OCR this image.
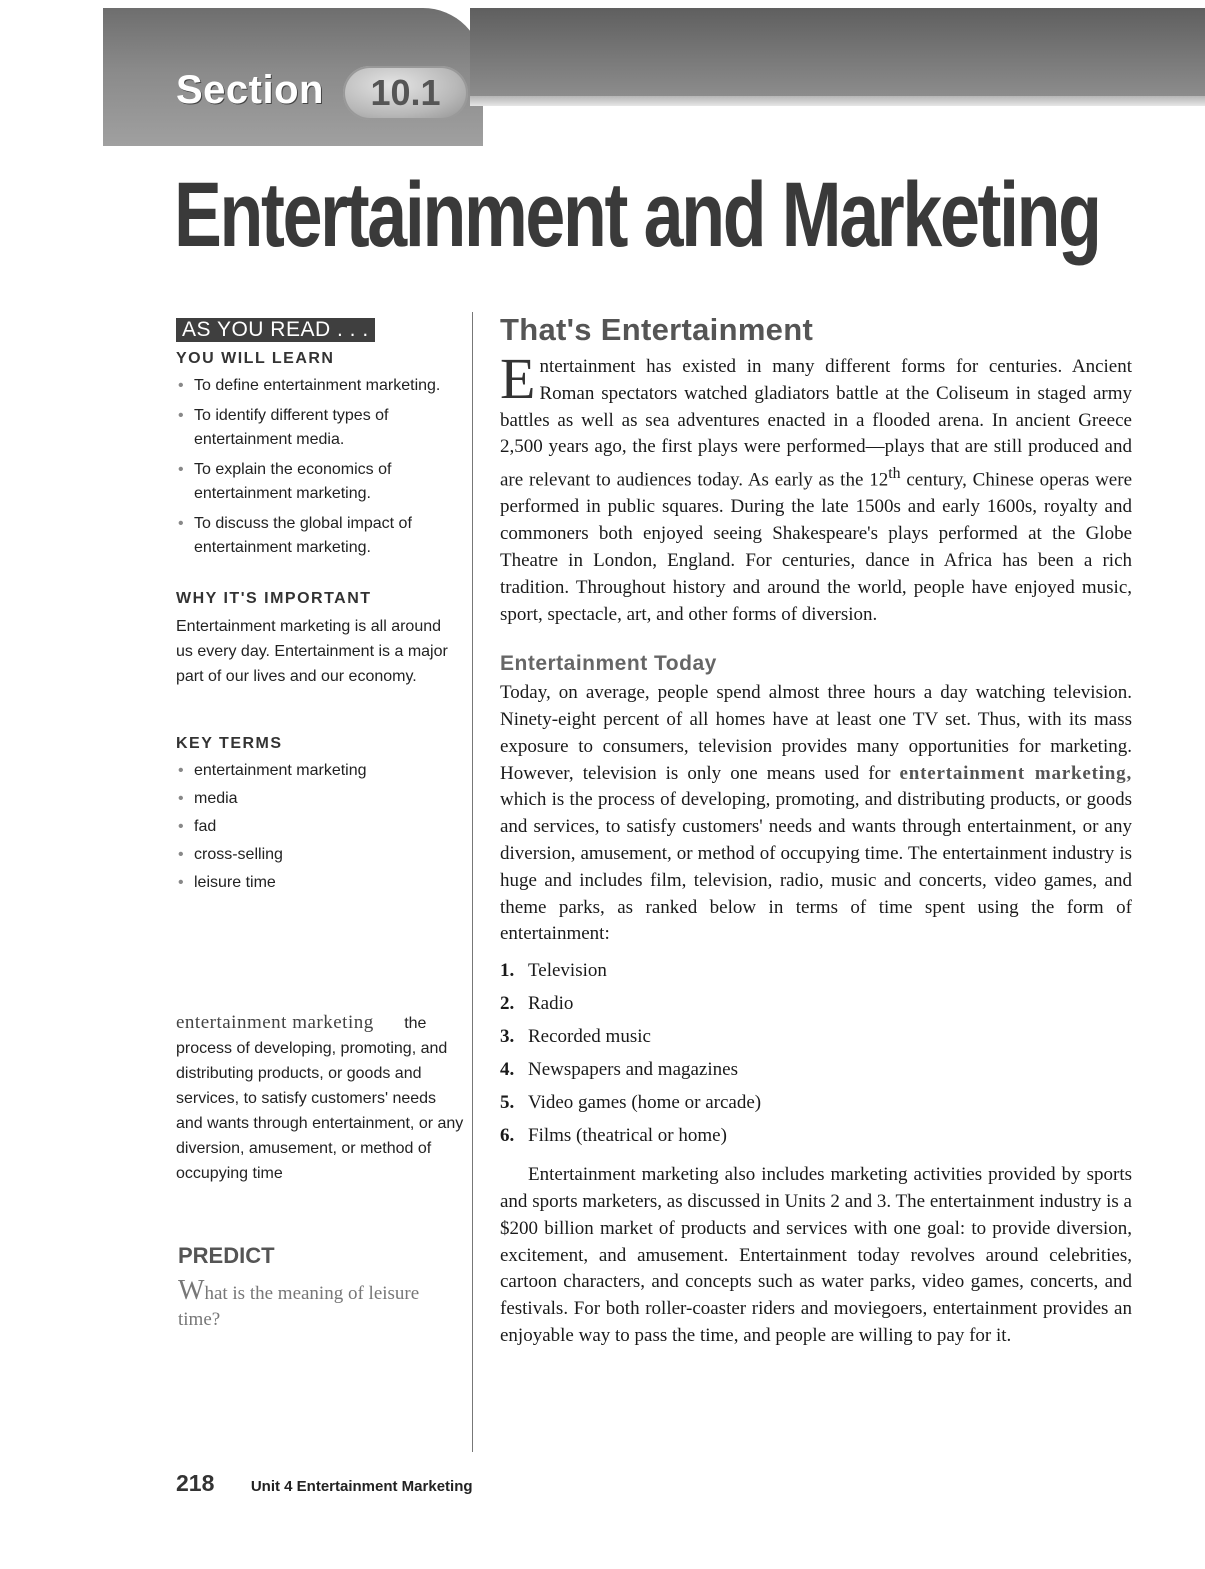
Section	10.1
Entertainment and Marketing
AS YOU READ . . .
YOU WILL LEARN
• To define entertainment marketing.
• To identify different types of entertainment media.
• To explain the economics of entertainment marketing.
• To discuss the global impact of entertainment marketing.
WHY IT'S IMPORTANT

Entertainment marketing is all around us every day. Entertainment is a major part of our lives and our economy.

KEY TERMS
• entertainment marketing
• media
• fad
• cross-selling
• leisure time
entertainment marketing the process of developing, promoting, and distributing products, or goods and services, to satisfy customers' needs and wants through entertainment, or any diversion, amusement, or method of occupying time
PREDICT
What is the meaning of leisure time?
That's Entertainment

Entertainment has existed in many different forms for centuries. Ancient Roman spectators watched gladiators battle at the Coliseum in staged army battles as well as sea adventures enacted in a flooded arena. In ancient Greece 2,500 years ago, the first plays were performed—plays that are still produced and are relevant to audiences today. As early as the 12th century, Chinese operas were performed in public squares. During the late 1500s and early 1600s, royalty and commoners both enjoyed seeing Shakespeare's plays performed at the Globe Theatre in London, England. For centuries, dance in Africa has been a rich tradition. Throughout history and around the world, people have enjoyed music, sport, spectacle, art, and other forms of diversion.

Entertainment Today

Today, on average, people spend almost three hours a day watching television. Ninety-eight percent of all homes have at least one TV set. Thus, with its mass exposure to consumers, television provides many opportunities for marketing. However, television is only one means used for entertainment marketing, which is the process of developing, promoting, and distributing products, or goods and services, to satisfy customers' needs and wants through entertainment, or any diversion, amusement, or method of occupying time. The entertainment industry is huge and includes film, television, radio, music and concerts, video games, and theme parks, as ranked below in terms of time spent using the form of entertainment:

1. Television
2. Radio
3. Recorded music
4. Newspapers and magazines
5. Video games (home or arcade)
6. Films (theatrical or home)

Entertainment marketing also includes marketing activities provided by sports and sports marketers, as discussed in Units 2 and 3. The entertainment industry is a $200 billion market of products and services with one goal: to provide diversion, excitement, and amusement. Entertainment today revolves around celebrities, cartoon characters, and concepts such as water parks, video games, concerts, and festivals. For both roller-coaster riders and moviegoers, entertainment provides an enjoyable way to pass the time, and people are willing to pay for it.

218 Unit 4 Entertainment Marketing
